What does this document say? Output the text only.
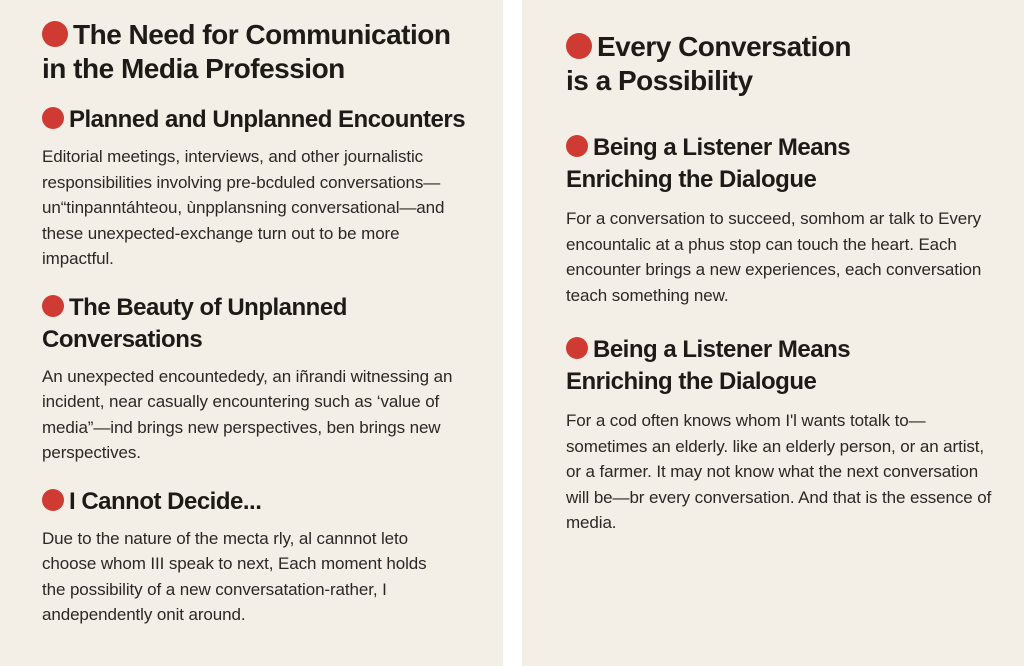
The Need for Communication in the Media Profession
Planned and Unplanned Encounters

Editorial meetings, interviews, and other journalistic responsibilities involving pre-bcduled conversations—un“tinpanntáhteou, ùnpplansning conversational—and these unexpected-exchange turn out to be more impactful.

The Beauty of Unplanned Conversations

An unexpected encountededy, an iñrandi witnessing an incident, near casually encountering such as ‘value of media”—ind brings new perspectives, ben brings new perspectives.

I Cannot Decide...

Due to the nature of the mecta rly, al cannnot leto choose whom III speak to next, Each moment holds the possibility of a new conversatation-rather, I andependently onit around.

Every Conversation is a Possibility
Being a Listener Means Enriching the Dialogue

For a conversation to succeed, somhom ar talk to Every encountalic at a phus stop can touch the heart. Each encounter brings a new experiences, each conversation teach something new.

Being a Listener Means Enriching the Dialogue

For a cod often knows whom I'l wants totalk to—sometimes an elderly. like an elderly person, or an artist, or a farmer. It may not know what the next conversation will be—br every conversation. And that is the essence of media.
